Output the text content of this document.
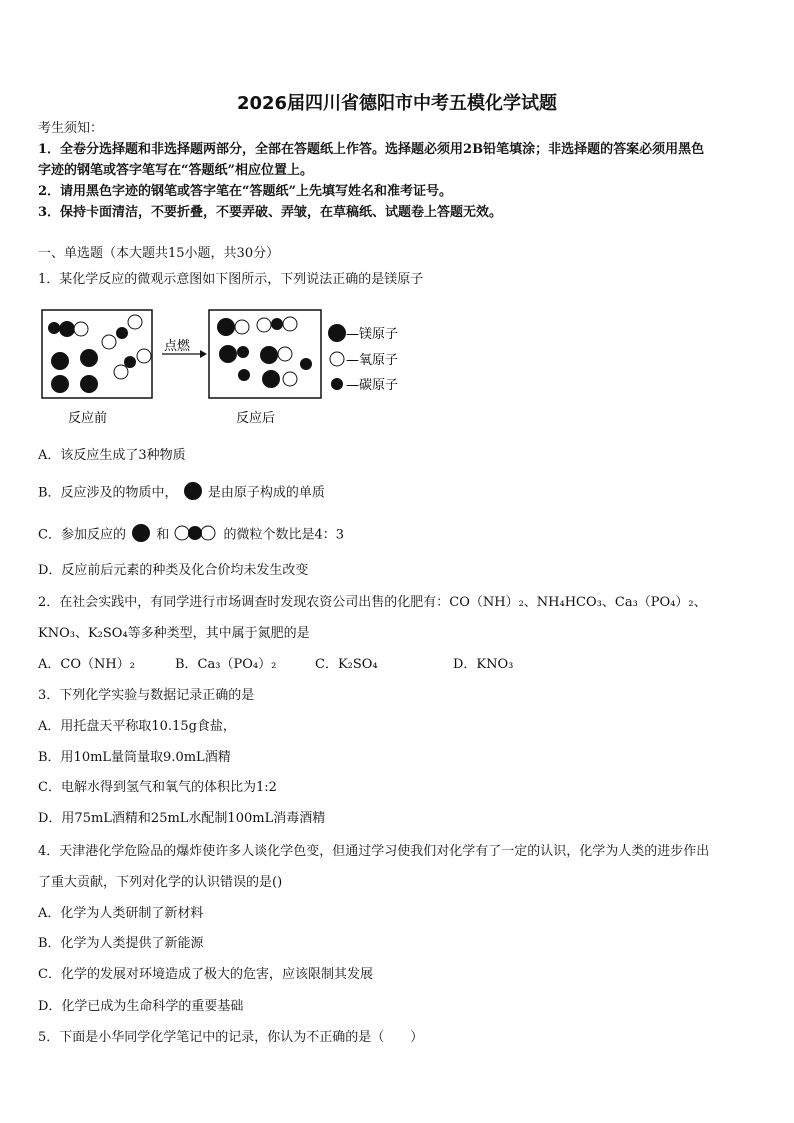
2026届四川省德阳市中考五模化学试题
考生须知：
1．全卷分选择题和非选择题两部分，全部在答题纸上作答。选择题必须用2B铅笔填涂；非选择题的答案必须用黑色
字迹的钢笔或答字笔写在“答题纸”相应位置上。
2．请用黑色字迹的钢笔或答字笔在“答题纸”上先填写姓名和准考证号。
3．保持卡面清洁，不要折叠，不要弄破、弄皱，在草稿纸、试题卷上答题无效。
一、单选题（本大题共15小题，共30分）
1．某化学反应的微观示意图如下图所示，下列说法正确的是镁原子
点燃
—镁原子
—氧原子
—碳原子
反应前	反应后
A．该反应生成了3种物质
B．反应涉及的物质中， 是由原子构成的单质
C．参加反应的 和	的微粒个数比是4：3
D．反应前后元素的种类及化合价均未发生改变
2．在社会实践中，有同学进行市场调查时发现农资公司出售的化肥有：CO（NH）₂、NH₄HCO₃、Ca₃（PO₄）₂、
KNO₃、K₂SO₄等多种类型，其中属于氮肥的是
A．CO（NH）₂	B．Ca₃（PO₄）₂	C．K₂SO₄	D．KNO₃
3．下列化学实验与数据记录正确的是
A．用托盘天平称取10.15g食盐，
B．用10mL量筒量取9.0mL酒精
C．电解水得到氢气和氧气的体积比为1:2
D．用75mL酒精和25mL水配制100mL消毒酒精
4．天津港化学危险品的爆炸使许多人谈化学色变，但通过学习使我们对化学有了一定的认识，化学为人类的进步作出
了重大贡献，下列对化学的认识错误的是()
A．化学为人类研制了新材料
B．化学为人类提供了新能源
C．化学的发展对环境造成了极大的危害，应该限制其发展
D．化学已成为生命科学的重要基础
5．下面是小华同学化学笔记中的记录，你认为不正确的是（　　）
